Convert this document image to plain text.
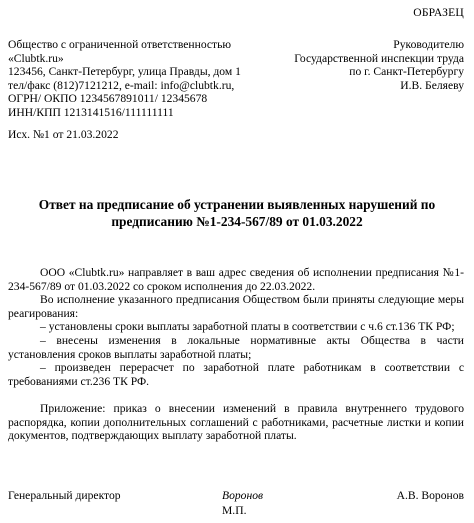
ОБРАЗЕЦ
Общество с ограниченной ответственностью
«Clubtk.ru»
123456, Санкт-Петербург, улица Правды, дом 1
тел/факс (812)7121212, e-mail: info@clubtk.ru,
ОГРН/ ОКПО 1234567891011/ 12345678
ИНН/КПП 1213141516/111111111
Руководителю
Государственной инспекции труда
по г. Санкт-Петербургу
И.В. Беляеву
Исх. №1 от 21.03.2022
Ответ на предписание об устранении выявленных нарушений по
предписанию №1-234-567/89 от 01.03.2022

ООО «Clubtk.ru» направляет в ваш адрес сведения об исполнении предписания №1-234-567/89 от 01.03.2022 со сроком исполнения до 22.03.2022.

Во исполнение указанного предписания Обществом были приняты следующие меры реагирования:

– установлены сроки выплаты заработной платы в соответствии с ч.6 ст.136 ТК РФ;

– внесены изменения в локальные нормативные акты Общества в части установления сроков выплаты заработной платы;

– произведен перерасчет по заработной плате работникам в соответствии с требованиями ст.236 ТК РФ.

Приложение: приказ о внесении изменений в правила внутреннего трудового распорядка, копии дополнительных соглашений с работниками, расчетные листки и копии документов, подтверждающих выплату заработной платы.

Генеральный директор	Воронов
М.П.
А.В. Воронов
